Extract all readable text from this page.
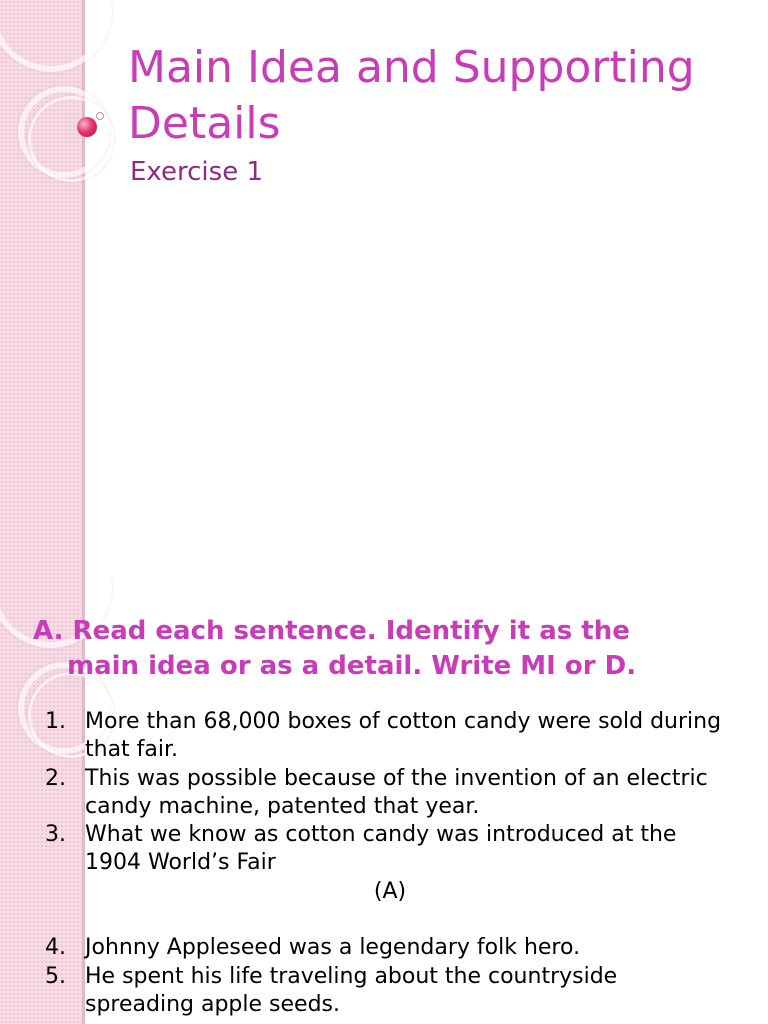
Main Idea and Supporting Details

Exercise 1

A. Read each sentence. Identify it as the
main idea or as a detail. Write MI or D.
1. More than 68,000 boxes of cotton candy were sold during that fair.
2. This was possible because of the invention of an electric candy machine, patented that year.
3. What we know as cotton candy was introduced at the 1904 World’s Fair
(A)
4. Johnny Appleseed was a legendary folk hero.
5. He spent his life traveling about the countryside spreading apple seeds.
